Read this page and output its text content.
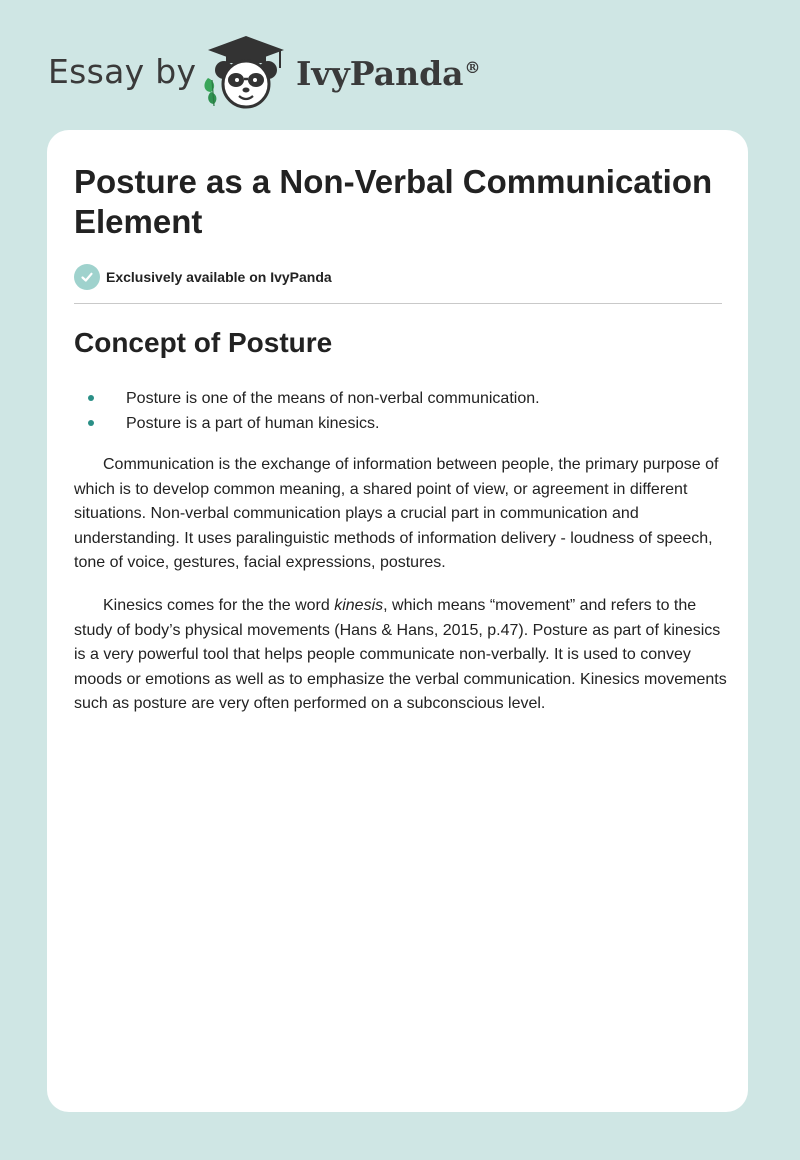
Essay by	IvyPanda®
Posture as a Non-Verbal Communication Element
Exclusively available on IvyPanda
Concept of Posture
Posture is one of the means of non-verbal communication.
Posture is a part of human kinesics.

Communication is the exchange of information between people, the primary purpose of which is to develop common meaning, a shared point of view, or agreement in different situations. Non-verbal communication plays a crucial part in communication and understanding. It uses paralinguistic methods of information delivery - loudness of speech, tone of voice, gestures, facial expressions, postures.

Kinesics comes for the the word kinesis, which means “movement” and refers to the study of body’s physical movements (Hans & Hans, 2015, p.47). Posture as part of kinesics is a very powerful tool that helps people communicate non-verbally. It is used to convey moods or emotions as well as to emphasize the verbal communication. Kinesics movements such as posture are very often performed on a subconscious level.
